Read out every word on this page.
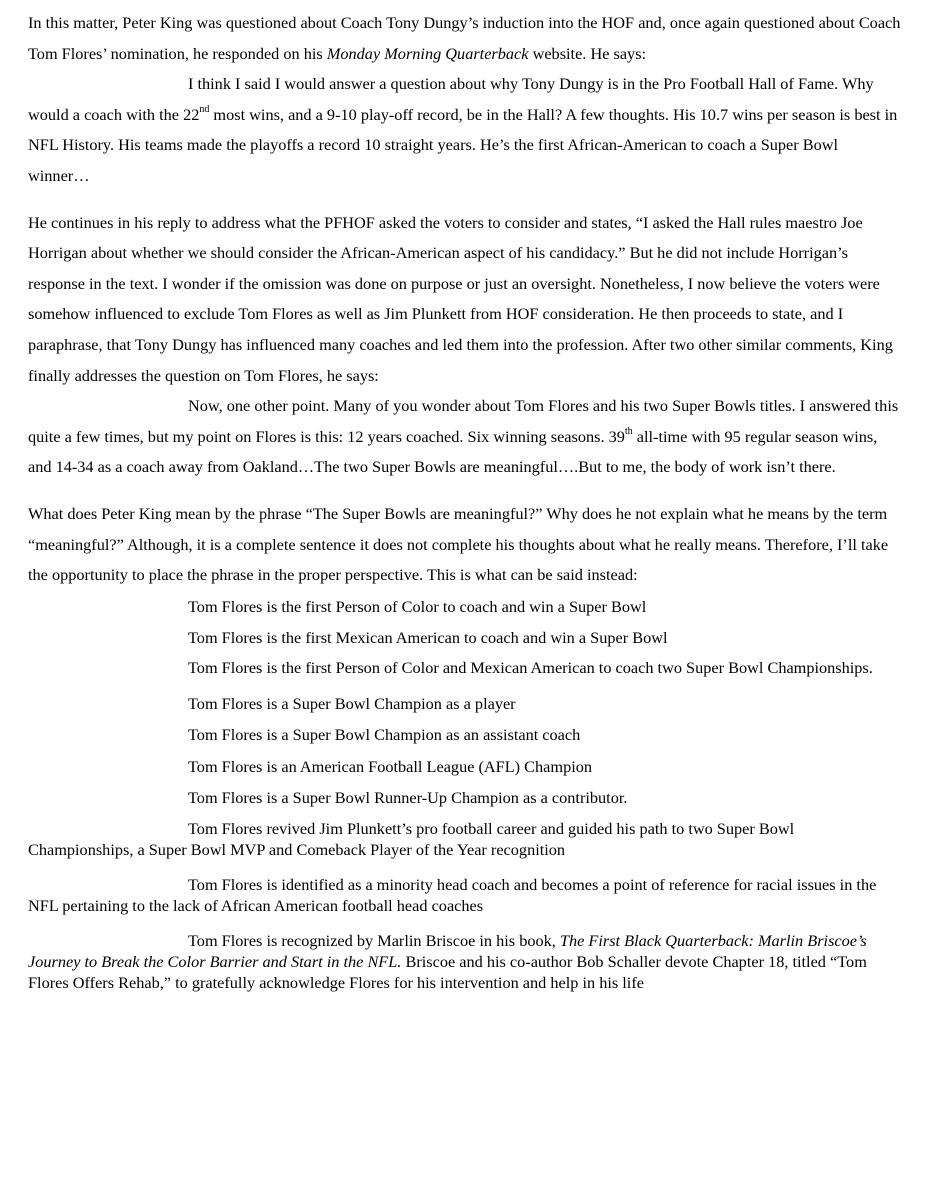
In this matter, Peter King was questioned about Coach Tony Dungy’s induction into the HOF and, once again questioned about Coach Tom Flores’ nomination, he responded on his Monday Morning Quarterback website. He says:

I think I said I would answer a question about why Tony Dungy is in the Pro Football Hall of Fame. Why would a coach with the 22nd most wins, and a 9-10 play-off record, be in the Hall? A few thoughts. His 10.7 wins per season is best in NFL History. His teams made the playoffs a record 10 straight years. He’s the first African-American to coach a Super Bowl winner…

He continues in his reply to address what the PFHOF asked the voters to consider and states, “I asked the Hall rules maestro Joe Horrigan about whether we should consider the African-American aspect of his candidacy.” But he did not include Horrigan’s response in the text. I wonder if the omission was done on purpose or just an oversight. Nonetheless, I now believe the voters were somehow influenced to exclude Tom Flores as well as Jim Plunkett from HOF consideration. He then proceeds to state, and I paraphrase, that Tony Dungy has influenced many coaches and led them into the profession. After two other similar comments, King finally addresses the question on Tom Flores, he says:

Now, one other point. Many of you wonder about Tom Flores and his two Super Bowls titles. I answered this quite a few times, but my point on Flores is this: 12 years coached. Six winning seasons. 39th all-time with 95 regular season wins, and 14-34 as a coach away from Oakland…The two Super Bowls are meaningful….But to me, the body of work isn’t there.

What does Peter King mean by the phrase “The Super Bowls are meaningful?” Why does he not explain what he means by the term “meaningful?” Although, it is a complete sentence it does not complete his thoughts about what he really means. Therefore, I’ll take the opportunity to place the phrase in the proper perspective. This is what can be said instead:

Tom Flores is the first Person of Color to coach and win a Super Bowl

Tom Flores is the first Mexican American to coach and win a Super Bowl

Tom Flores is the first Person of Color and Mexican American to coach two Super Bowl Championships.

Tom Flores is a Super Bowl Champion as a player

Tom Flores is a Super Bowl Champion as an assistant coach

Tom Flores is an American Football League (AFL) Champion

Tom Flores is a Super Bowl Runner-Up Champion as a contributor.

Tom Flores revived Jim Plunkett’s pro football career and guided his path to two Super Bowl Championships, a Super Bowl MVP and Comeback Player of the Year recognition

Tom Flores is identified as a minority head coach and becomes a point of reference for racial issues in the NFL pertaining to the lack of African American football head coaches

Tom Flores is recognized by Marlin Briscoe in his book, The First Black Quarterback: Marlin Briscoe’s Journey to Break the Color Barrier and Start in the NFL. Briscoe and his co-author Bob Schaller devote Chapter 18, titled “Tom Flores Offers Rehab,” to gratefully acknowledge Flores for his intervention and help in his life
